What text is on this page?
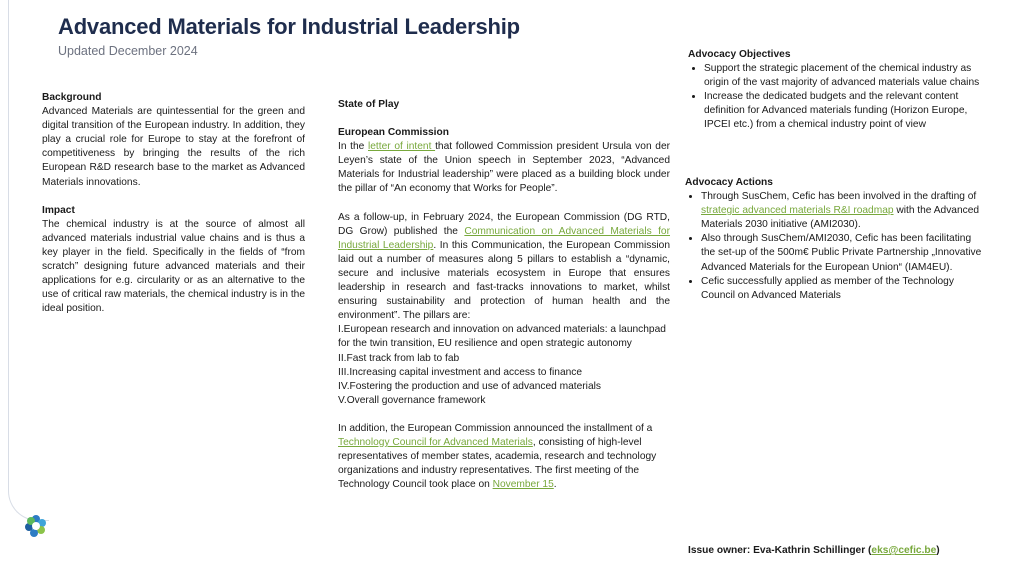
Advanced Materials for Industrial Leadership
Updated December 2024

Background

Advanced Materials are quintessential for the green and digital transition of the European industry. In addition, they play a crucial role for Europe to stay at the forefront of competitiveness by bringing the results of the rich European R&D research base to the market as Advanced Materials innovations.

Impact

The chemical industry is at the source of almost all advanced materials industrial value chains and is thus a key player in the field. Specifically in the fields of “from scratch” designing future advanced materials and their applications for e.g. circularity or as an alternative to the use of critical raw materials, the chemical industry is in the ideal position.

State of Play

European Commission

In the letter of intent that followed Commission president Ursula von der Leyen’s state of the Union speech in September 2023, “Advanced Materials for Industrial leadership” were placed as a building block under the pillar of “An economy that Works for People”.

As a follow-up, in February 2024, the European Commission (DG RTD, DG Grow) published the Communication on Advanced Materials for Industrial Leadership. In this Communication, the European Commission laid out a number of measures along 5 pillars to establish a “dynamic, secure and inclusive materials ecosystem in Europe that ensures leadership in research and fast-tracks innovations to market, whilst ensuring sustainability and protection of human health and the environment”. The pillars are:

I.European research and innovation on advanced materials: a launchpad for the twin transition, EU resilience and open strategic autonomy

II.Fast track from lab to fab

III.Increasing capital investment and access to finance

IV.Fostering the production and use of advanced materials

V.Overall governance framework

In addition, the European Commission announced the installment of a Technology Council for Advanced Materials, consisting of high-level representatives of member states, academia, research and technology organizations and industry representatives. The first meeting of the Technology Council took place on November 15.

Advocacy Objectives

• Support the strategic placement of the chemical industry as origin of the vast majority of advanced materials value chains
• Increase the dedicated budgets and the relevant content definition for Advanced materials funding (Horizon Europe, IPCEI etc.) from a chemical industry point of view

Advocacy Actions

• Through SusChem, Cefic has been involved in the drafting of strategic advanced materials R&I roadmap with the Advanced Materials 2030 initiative (AMI2030).
• Also through SusChem/AMI2030, Cefic has been facilitating the set-up of the 500m€ Public Private Partnership „Innovative Advanced Materials for the European Union“ (IAM4EU).
• Cefic successfully applied as member of the Technology Council on Advanced Materials
Issue owner: Eva-Kathrin Schillinger (eks@cefic.be)
